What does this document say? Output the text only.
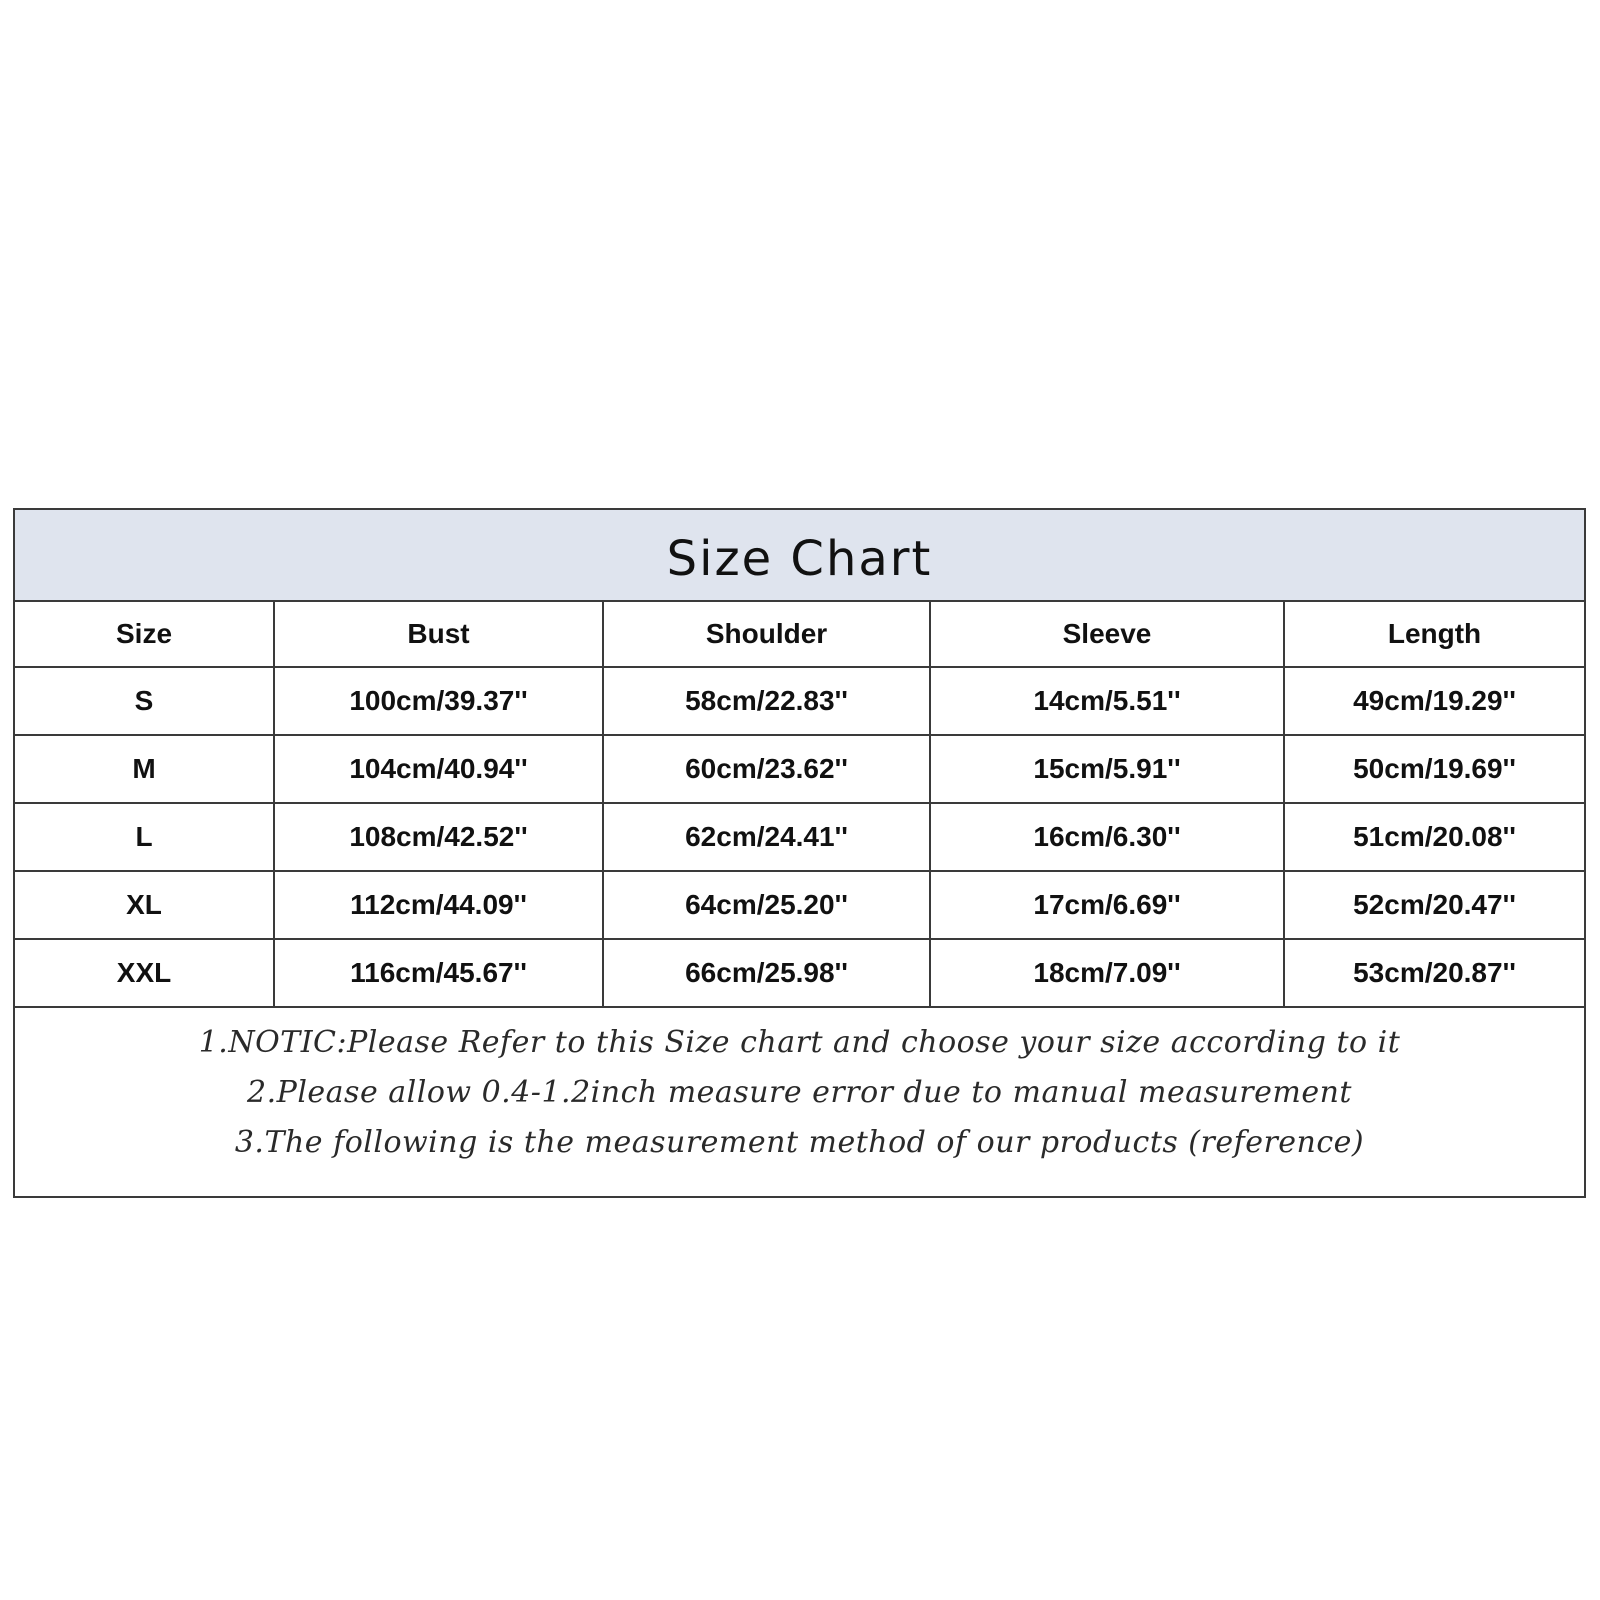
Size Chart
Size	Bust	Shoulder	Sleeve	Length
S	100cm/39.37''	58cm/22.83''	14cm/5.51''	49cm/19.29''
M	104cm/40.94''	60cm/23.62''	15cm/5.91''	50cm/19.69''
L	108cm/42.52''	62cm/24.41''	16cm/6.30''	51cm/20.08''
XL	112cm/44.09''	64cm/25.20''	17cm/6.69''	52cm/20.47''
XXL	116cm/45.67''	66cm/25.98''	18cm/7.09''	53cm/20.87''
1.NOTIC:Please Refer to this Size chart and choose your size according to it
2.Please allow 0.4-1.2inch measure error due to manual measurement
3.The following is the measurement method of our products (reference)
